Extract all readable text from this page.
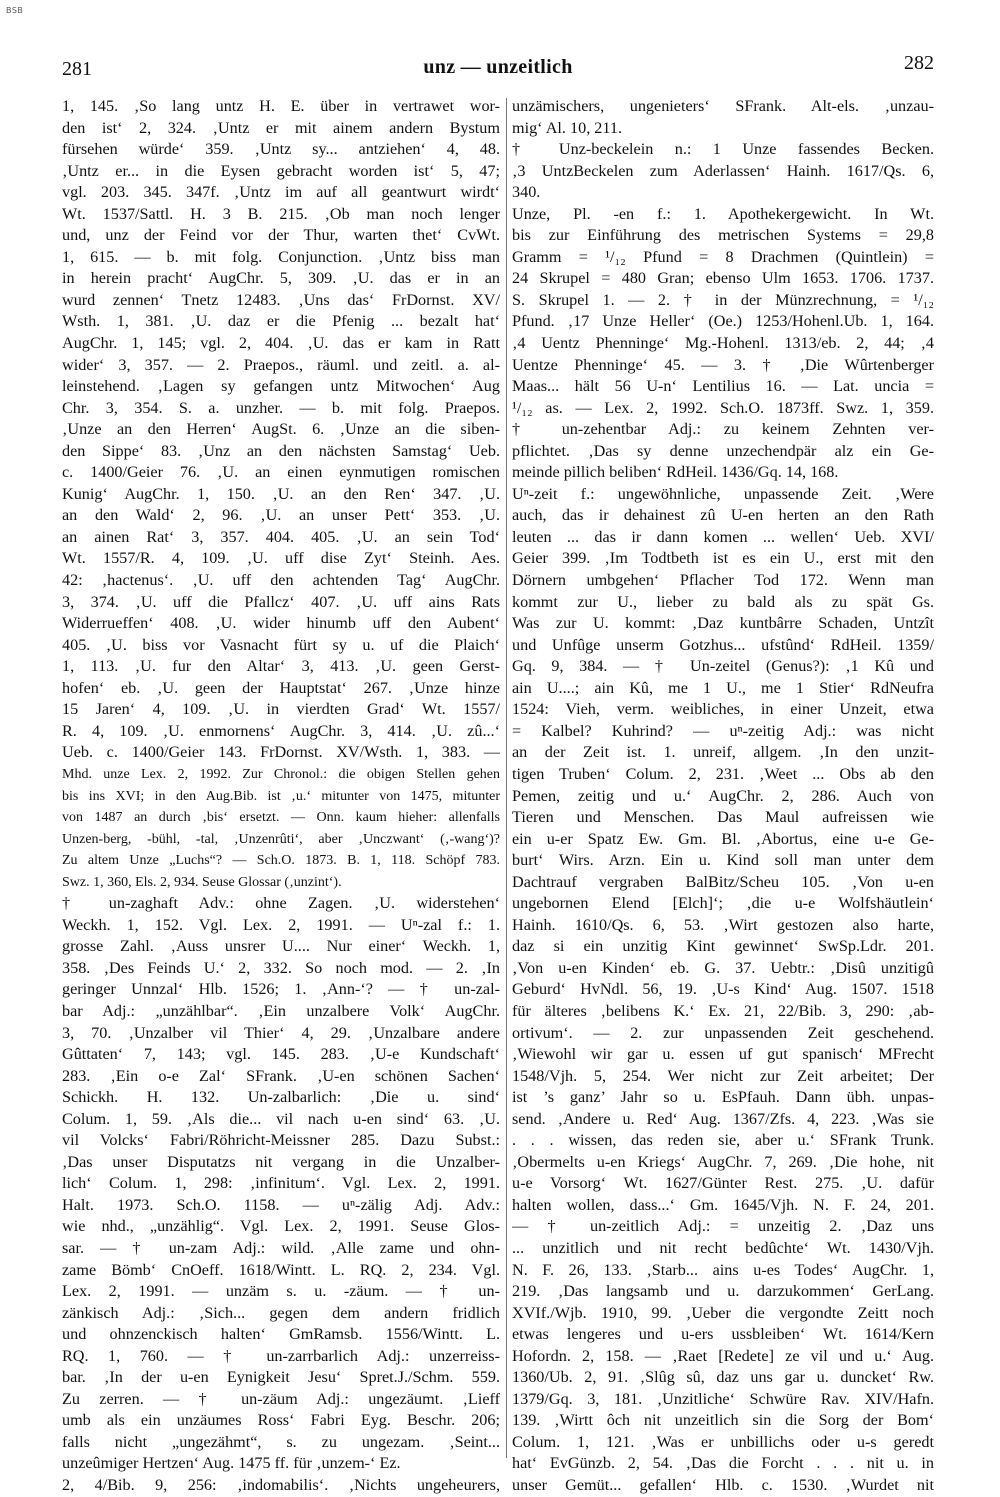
BSB
281	unz — unzeitlich	282
1, 145. ‚So lang untz H. E. über in vertrawet wor-
den ist‘ 2, 324. ‚Untz er mit ainem andern Bystum
fürsehen würde‘ 359. ‚Untz sy... antziehen‘ 4, 48.
‚Untz er... in die Eysen gebracht worden ist‘ 5, 47;
vgl. 203. 345. 347f. ‚Untz im auf all geantwurt wirdt‘
Wt. 1537/Sattl. H. 3 B. 215. ‚Ob man noch lenger
und, unz der Feind vor der Thur, warten thet‘ CvWt.
1, 615. — b. mit folg. Conjunction. ‚Untz biss man
in herein pracht‘ AugChr. 5, 309. ‚U. das er in an
wurd zennen‘ Tnetz 12483. ‚Uns das‘ FrDornst. XV/
Wsth. 1, 381. ‚U. daz er die Pfenig ... bezalt hat‘
AugChr. 1, 145; vgl. 2, 404. ‚U. das er kam in Ratt
wider‘ 3, 357. — 2. Praepos., räuml. und zeitl. a. al-
leinstehend. ‚Lagen sy gefangen untz Mitwochen‘ Aug
Chr. 3, 354. S. a. unzher. — b. mit folg. Praepos.
‚Unze an den Herren‘ AugSt. 6. ‚Unze an die siben-
den Sippe‘ 83. ‚Unz an den nächsten Samstag‘ Ueb.
c. 1400/Geier 76. ‚U. an einen eynmutigen romischen
Kunig‘ AugChr. 1, 150. ‚U. an den Ren‘ 347. ‚U.
an den Wald‘ 2, 96. ‚U. an unser Pett‘ 353. ‚U.
an ainen Rat‘ 3, 357. 404. 405. ‚U. an sein Tod‘
Wt. 1557/R. 4, 109. ‚U. uff dise Zyt‘ Steinh. Aes.
42: ‚hactenus‘. ‚U. uff den achtenden Tag‘ AugChr.
3, 374. ‚U. uff die Pfallcz‘ 407. ‚U. uff ains Rats
Widerrueffen‘ 408. ‚U. wider hinumb uff den Aubent‘
405. ‚U. biss vor Vasnacht fürt sy u. uf die Plaich‘
1, 113. ‚U. fur den Altar‘ 3, 413. ‚U. geen Gerst-
hofen‘ eb. ‚U. geen der Hauptstat‘ 267. ‚Unze hinze
15 Jaren‘ 4, 109. ‚U. in vierdten Grad‘ Wt. 1557/
R. 4, 109. ‚U. enmornens‘ AugChr. 3, 414. ‚U. zû...‘
Ueb. c. 1400/Geier 143. FrDornst. XV/Wsth. 1, 383. —
Mhd. unze Lex. 2, 1992. Zur Chronol.: die obigen Stellen gehen
bis ins XVI; in den Aug.Bib. ist ‚u.‘ mitunter von 1475, mitunter
von 1487 an durch ‚bis‘ ersetzt. — Onn. kaum hieher: allenfalls
Unzen-berg, -bühl, -tal, ‚Unzenrûti‘, aber ‚Unczwant‘ (‚-wang‘)?
Zu altem Unze „Luchs“? — Sch.O. 1873. B. 1, 118. Schöpf 783.
Swz. 1, 360, Els. 2, 934. Seuse Glossar (‚unzint‘).
† un-zaghaft Adv.: ohne Zagen. ‚U. widerstehen‘
Weckh. 1, 152. Vgl. Lex. 2, 1991. — Uⁿ-zal f.: 1.
grosse Zahl. ‚Auss unsrer U.... Nur einer‘ Weckh. 1,
358. ‚Des Feinds U.‘ 2, 332. So noch mod. — 2. ‚In
geringer Unnzal‘ Hlb. 1526; 1. ‚Ann-‘? — † un-zal-
bar Adj.: „unzählbar“. ‚Ein unzalbere Volk‘ AugChr.
3, 70. ‚Unzalber vil Thier‘ 4, 29. ‚Unzalbare andere
Gûttaten‘ 7, 143; vgl. 145. 283. ‚U-e Kundschaft‘
283. ‚Ein o-e Zal‘ SFrank. ‚U-en schönen Sachen‘
Schickh. H. 132. Un-zalbarlich: ‚Die u. sind‘
Colum. 1, 59. ‚Als die... vil nach u-en sind‘ 63. ‚U.
vil Volcks‘ Fabri/Röhricht-Meissner 285. Dazu Subst.:
‚Das unser Disputatzs nit vergang in die Unzalber-
lich‘ Colum. 1, 298: ‚infinitum‘. Vgl. Lex. 2, 1991.
Halt. 1973. Sch.O. 1158. — uⁿ-zälig Adj. Adv.:
wie nhd., „unzählig“. Vgl. Lex. 2, 1991. Seuse Glos-
sar. — † un-zam Adj.: wild. ‚Alle zame und ohn-
zame Bömb‘ CnOeff. 1618/Wintt. L. RQ. 2, 234. Vgl.
Lex. 2, 1991. — unzäm s. u. -zäum. — † un-
zänkisch Adj.: ‚Sich... gegen dem andern fridlich
und ohnzenckisch halten‘ GmRamsb. 1556/Wintt. L.
RQ. 1, 760. — † un-zarrbarlich Adj.: unzerreiss-
bar. ‚In der u-en Eynigkeit Jesu‘ Spret.J./Schm. 559.
Zu zerren. — † un-zäum Adj.: ungezäumt. ‚Lieff
umb als ein unzäumes Ross‘ Fabri Eyg. Beschr. 206;
falls nicht „ungezähmt“, s. zu ungezam. ‚Seint...
unzeûmiger Hertzen‘ Aug. 1475 ff. für ‚unzem-‘ Ez.
2, 4/Bib. 9, 256: ‚indomabilis‘. ‚Nichts ungeheurers,
unzämischers, ungenieters‘ SFrank. Alt-els. ‚unzau-
mig‘ Al. 10, 211.
† Unz-beckelein n.: 1 Unze fassendes Becken.
‚3 UntzBeckelen zum Aderlassen‘ Hainh. 1617/Qs. 6,
340.
Unze, Pl. -en f.: 1. Apothekergewicht. In Wt.
bis zur Einführung des metrischen Systems = 29,8
Gramm = ¹/₁₂ Pfund = 8 Drachmen (Quintlein) =
24 Skrupel = 480 Gran; ebenso Ulm 1653. 1706. 1737.
S. Skrupel 1. — 2. † in der Münzrechnung, = ¹/₁₂
Pfund. ‚17 Unze Heller‘ (Oe.) 1253/Hohenl.Ub. 1, 164.
‚4 Uentz Phenninge‘ Mg.-Hohenl. 1313/eb. 2, 44; ‚4
Uentze Phenninge‘ 45. — 3. † ‚Die Wûrtenberger
Maas... hält 56 U-n‘ Lentilius 16. — Lat. uncia =
¹/₁₂ as. — Lex. 2, 1992. Sch.O. 1873ff. Swz. 1, 359.
† un-zehentbar Adj.: zu keinem Zehnten ver-
pflichtet. ‚Das sy denne unzechendpär alz ein Ge-
meinde pillich beliben‘ RdHeil. 1436/Gq. 14, 168.
Uⁿ-zeit f.: ungewöhnliche, unpassende Zeit. ‚Were
auch, das ir dehainest zû U-en herten an den Rath
leuten ... das ir dann komen ... wellen‘ Ueb. XVI/
Geier 399. ‚Im Todtbeth ist es ein U., erst mit den
Dörnern umbgehen‘ Pflacher Tod 172. Wenn man
kommt zur U., lieber zu bald als zu spät Gs.
Was zur U. kommt: ‚Daz kuntbârre Schaden, Untzît
und Unfûge unserm Gotzhus... ufstûnd‘ RdHeil. 1359/
Gq. 9, 384. — † Un-zeitel (Genus?): ‚1 Kû und
ain U....; ain Kû, me 1 U., me 1 Stier‘ RdNeufra
1524: Vieh, verm. weibliches, in einer Unzeit, etwa
= Kalbel? Kuhrind? — uⁿ-zeitig Adj.: was nicht
an der Zeit ist. 1. unreif, allgem. ‚In den unzit-
tigen Truben‘ Colum. 2, 231. ‚Weet ... Obs ab den
Pemen, zeitig und u.‘ AugChr. 2, 286. Auch von
Tieren und Menschen. Das Maul aufreissen wie
ein u-er Spatz Ew. Gm. Bl. ‚Abortus, eine u-e Ge-
burt‘ Wirs. Arzn. Ein u. Kind soll man unter dem
Dachtrauf vergraben BalBitz/Scheu 105. ‚Von u-en
ungebornen Elend [Elch]‘; ‚die u-e Wolfshäutlein‘
Hainh. 1610/Qs. 6, 53. ‚Wirt gestozen also harte,
daz si ein unzitig Kint gewinnet‘ SwSp.Ldr. 201.
‚Von u-en Kinden‘ eb. G. 37. Uebtr.: ‚Disû unzitigû
Geburd‘ HvNdl. 56, 19. ‚U-s Kind‘ Aug. 1507. 1518
für älteres ‚belibens K.‘ Ex. 21, 22/Bib. 3, 290: ‚ab-
ortivum‘. — 2. zur unpassenden Zeit geschehend.
‚Wiewohl wir gar u. essen uf gut spanisch‘ MFrecht
1548/Vjh. 5, 254. Wer nicht zur Zeit arbeitet; Der
ist ’s ganz’ Jahr so u. EsPfauh. Dann übh. unpas-
send. ‚Andere u. Red‘ Aug. 1367/Zfs. 4, 223. ‚Was sie
. . . wissen, das reden sie, aber u.‘ SFrank Trunk.
‚Obermelts u-en Kriegs‘ AugChr. 7, 269. ‚Die hohe, nit
u-e Vorsorg‘ Wt. 1627/Günter Rest. 275. ‚U. dafür
halten wollen, dass...‘ Gm. 1645/Vjh. N. F. 24, 201.
— † un-zeitlich Adj.: = unzeitig 2. ‚Daz uns
... unzitlich und nit recht bedûchte‘ Wt. 1430/Vjh.
N. F. 26, 133. ‚Starb... ains u-es Todes‘ AugChr. 1,
219. ‚Das langsamb und u. darzukommen‘ GerLang.
XVIf./Wjb. 1910, 99. ‚Ueber die vergondte Zeitt noch
etwas lengeres und u-ers ussbleiben‘ Wt. 1614/Kern
Hofordn. 2, 158. — ‚Raet [Redete] ze vil und u.‘ Aug.
1360/Ub. 2, 91. ‚Slûg sû, daz uns gar u. duncket‘ Rw.
1379/Gq. 3, 181. ‚Unzitliche‘ Schwüre Rav. XIV/Hafn.
139. ‚Wirtt ôch nit unzeitlich sin die Sorg der Bom‘
Colum. 1, 121. ‚Was er unbillichs oder u-s geredt
hat‘ EvGünzb. 2, 54. ‚Das die Forcht . . . nit u. in
unser Gemüt... gefallen‘ Hlb. c. 1530. ‚Wurdet nit
